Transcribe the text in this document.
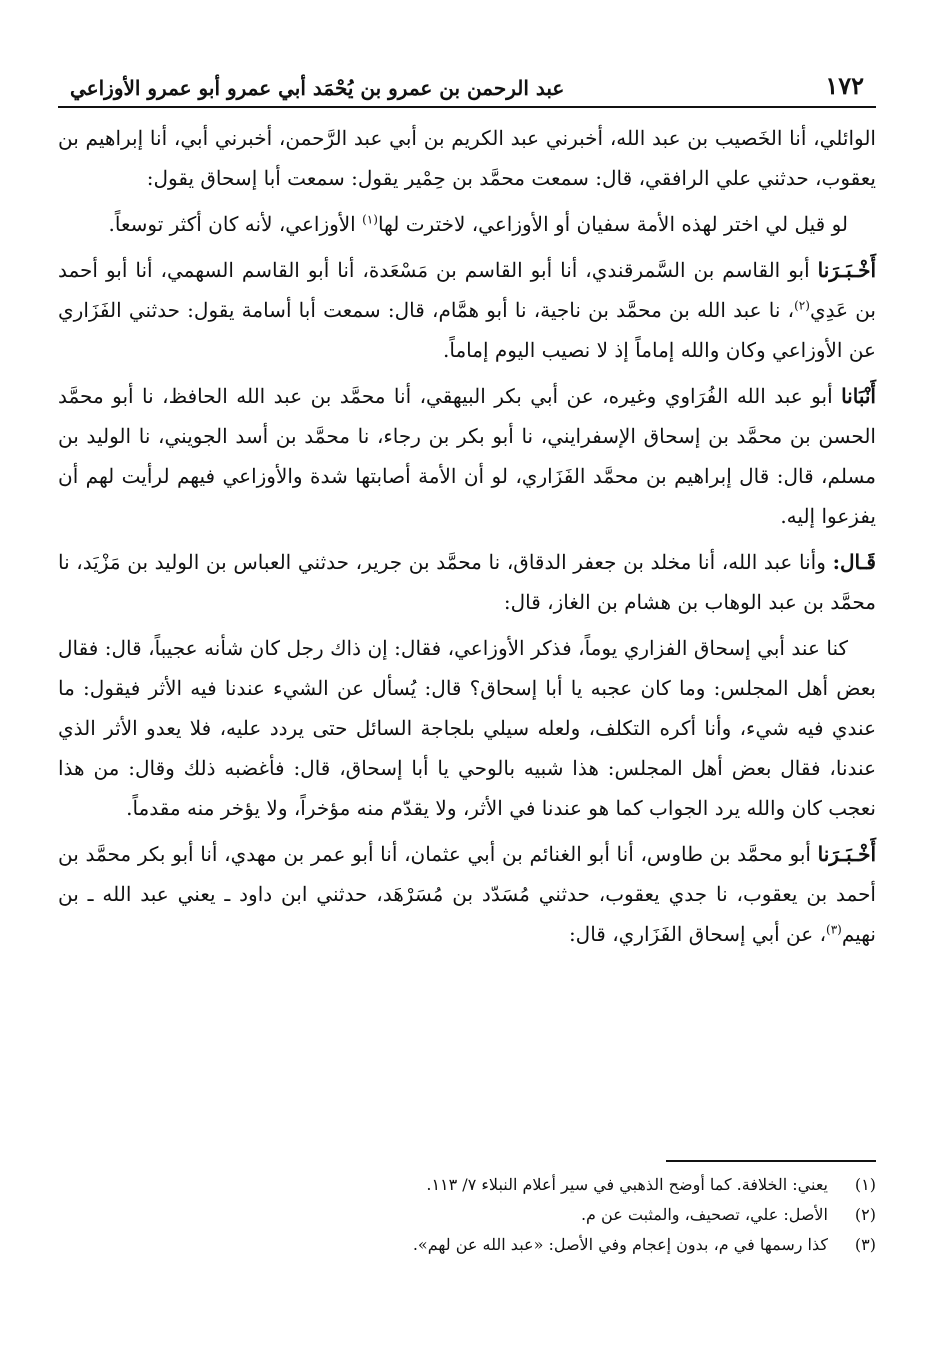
١٧٢
عبد الرحمن بن عمرو بن يُحْمَد أبي عمرو أبو عمرو الأوزاعي

الوائلي، أنا الخَصيب بن عبد الله، أخبرني عبد الكريم بن أبي عبد الرَّحمن، أخبرني أبي، أنا إبراهيم بن يعقوب، حدثني علي الرافقي، قال: سمعت محمَّد بن حِمْير يقول: سمعت أبا إسحاق يقول:

لو قيل لي اختر لهذه الأمة سفيان أو الأوزاعي، لاخترت لها$^{(١)}$ الأوزاعي، لأنه كان أكثر توسعاً.

أَخْـبَـرَنا أبو القاسم بن السَّمرقندي، أنا أبو القاسم بن مَسْعَدة، أنا أبو القاسم السهمي، أنا أبو أحمد بن عَدِي$^{(٢)}$، نا عبد الله بن محمَّد بن ناجية، نا أبو همَّام، قال: سمعت أبا أسامة يقول: حدثني الفَزَاري عن الأوزاعي وكان والله إماماً إذ لا نصيب اليوم إماماً.

أَنْبَانا أبو عبد الله الفُرَاوي وغيره، عن أبي بكر البيهقي، أنا محمَّد بن عبد الله الحافظ، نا أبو محمَّد الحسن بن محمَّد بن إسحاق الإسفرايني، نا أبو بكر بن رجاء، نا محمَّد بن أسد الجويني، نا الوليد بن مسلم، قال: قال إبراهيم بن محمَّد الفَزَاري، لو أن الأمة أصابتها شدة والأوزاعي فيهم لرأيت لهم أن يفزعوا إليه.

قَـال: وأنا عبد الله، أنا مخلد بن جعفر الدقاق، نا محمَّد بن جرير، حدثني العباس بن الوليد بن مَزْيَد، نا محمَّد بن عبد الوهاب بن هشام بن الغاز، قال:

كنا عند أبي إسحاق الفزاري يوماً، فذكر الأوزاعي، فقال: إن ذاك رجل كان شأنه عجيباً، قال: فقال بعض أهل المجلس: وما كان عجبه يا أبا إسحاق؟ قال: يُسأل عن الشيء عندنا فيه الأثر فيقول: ما عندي فيه شيء، وأنا أكره التكلف، ولعله سيلي بلجاجة السائل حتى يردد عليه، فلا يعدو الأثر الذي عندنا، فقال بعض أهل المجلس: هذا شبيه بالوحي يا أبا إسحاق، قال: فأغضبه ذلك وقال: من هذا نعجب كان والله يرد الجواب كما هو عندنا في الأثر، ولا يقدّم منه مؤخراً، ولا يؤخر منه مقدماً.

أَخْـبَـرَنا أبو محمَّد بن طاوس، أنا أبو الغنائم بن أبي عثمان، أنا أبو عمر بن مهدي، أنا أبو بكر محمَّد بن أحمد بن يعقوب، نا جدي يعقوب، حدثني مُسَدّد بن مُسَرْهَد، حدثني ابن داود ـ يعني عبد الله ـ بن نهيم$^{(٣)}$، عن أبي إسحاق الفَزَاري، قال:

(١)
يعني: الخلافة. كما أوضح الذهبي في سير أعلام النبلاء ٧/ ١١٣.
(٢)
الأصل: علي، تصحيف، والمثبت عن م.
(٣)
كذا رسمها في م، بدون إعجام وفي الأصل: «عبد الله عن لهم».
